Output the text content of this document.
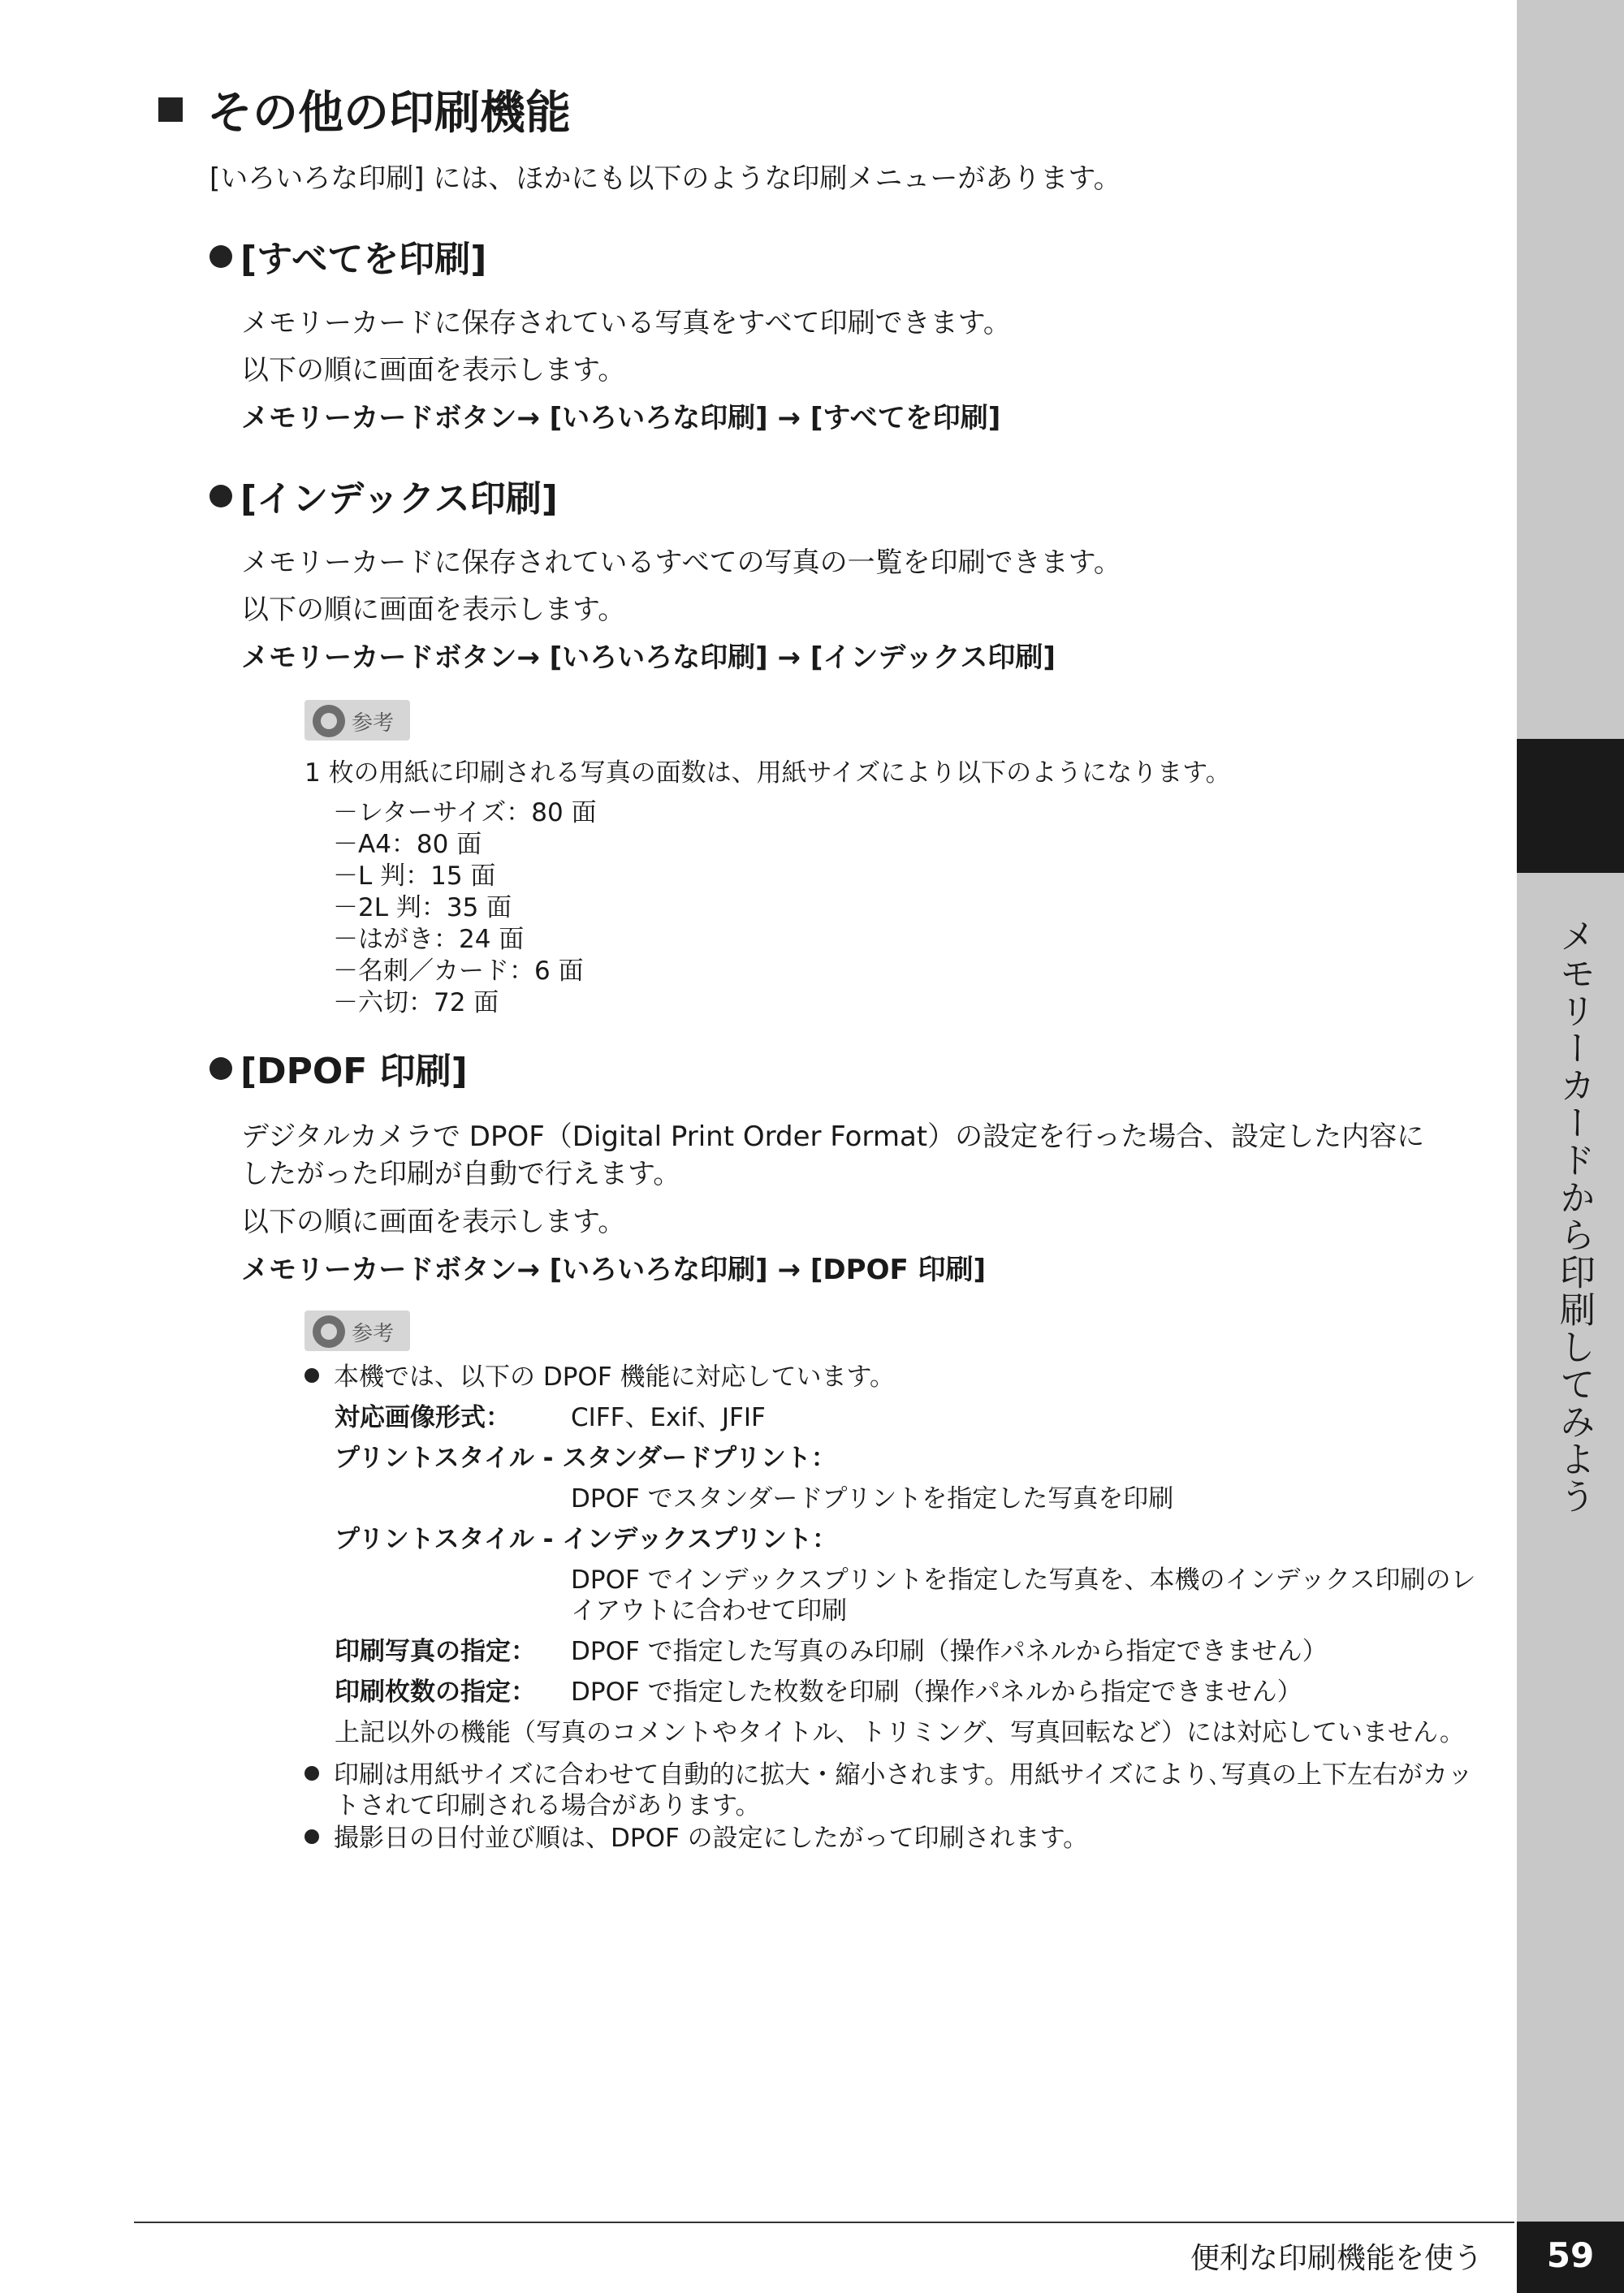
メモリーカードから印刷してみよう
その他の印刷機能
[いろいろな印刷] には、ほかにも以下のような印刷メニューがあります。
[すべてを印刷]
メモリーカードに保存されている写真をすべて印刷できます。
以下の順に画面を表示します。
メモリーカードボタン→ [いろいろな印刷] → [すべてを印刷]
[インデックス印刷]
メモリーカードに保存されているすべての写真の一覧を印刷できます。
以下の順に画面を表示します。
メモリーカードボタン→ [いろいろな印刷] → [インデックス印刷]
参考
1 枚の用紙に印刷される写真の面数は、用紙サイズにより以下のようになります。
－レターサイズ：80 面
－A4：80 面
－L 判：15 面
－2L 判：35 面
－はがき：24 面
－名刺／カード：6 面
－六切：72 面
[DPOF 印刷]
デジタルカメラで DPOF（Digital Print Order Format）の設定を行った場合、設定した内容に
したがった印刷が自動で行えます。
以下の順に画面を表示します。
メモリーカードボタン→ [いろいろな印刷] → [DPOF 印刷]
参考
本機では、以下の DPOF 機能に対応しています。
対応画像形式： CIFF、Exif、JFIF
プリントスタイル - スタンダードプリント：
DPOF でスタンダードプリントを指定した写真を印刷
プリントスタイル - インデックスプリント：
DPOF でインデックスプリントを指定した写真を、本機のインデックス印刷のレ
イアウトに合わせて印刷
印刷写真の指定： DPOF で指定した写真のみ印刷（操作パネルから指定できません）
印刷枚数の指定： DPOF で指定した枚数を印刷（操作パネルから指定できません）
上記以外の機能（写真のコメントやタイトル、トリミング、写真回転など）には対応していません。
印刷は用紙サイズに合わせて自動的に拡大・縮小されます。用紙サイズにより､写真の上下左右がカッ
トされて印刷される場合があります。
撮影日の日付並び順は、DPOF の設定にしたがって印刷されます。
便利な印刷機能を使う	59
